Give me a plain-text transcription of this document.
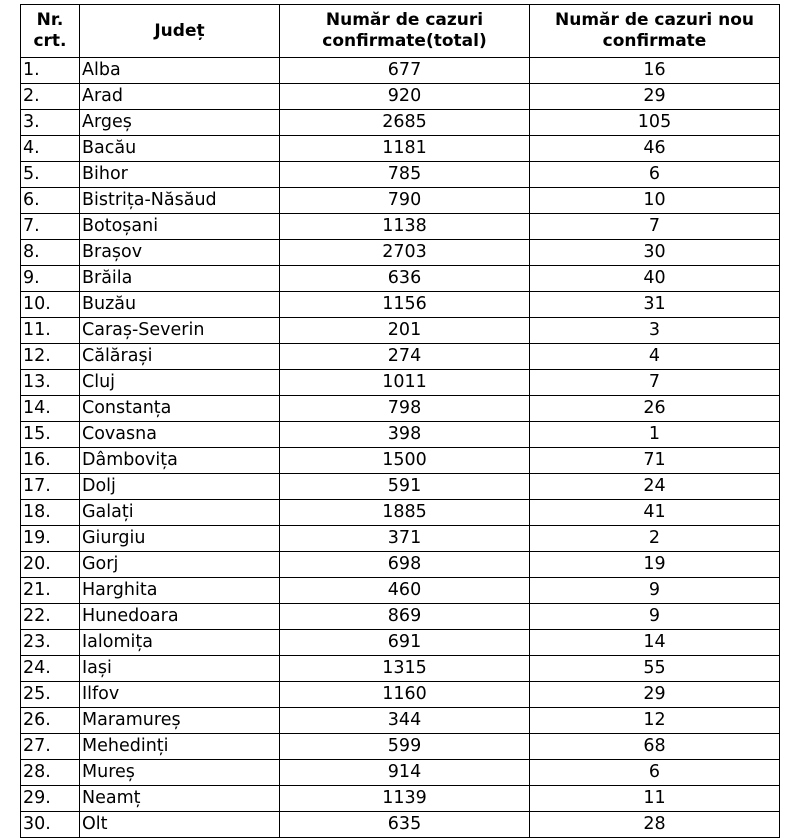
Nr. crt.	Județ	Număr de cazuri confirmate(total)	Număr de cazuri nou confirmate
1.	Alba	677	16
2.	Arad	920	29
3.	Argeș	2685	105
4.	Bacău	1181	46
5.	Bihor	785	6
6.	Bistrița-Năsăud	790	10
7.	Botoșani	1138	7
8.	Brașov	2703	30
9.	Brăila	636	40
10.	Buzău	1156	31
11.	Caraș-Severin	201	3
12.	Călărași	274	4
13.	Cluj	1011	7
14.	Constanța	798	26
15.	Covasna	398	1
16.	Dâmbovița	1500	71
17.	Dolj	591	24
18.	Galați	1885	41
19.	Giurgiu	371	2
20.	Gorj	698	19
21.	Harghita	460	9
22.	Hunedoara	869	9
23.	Ialomița	691	14
24.	Iași	1315	55
25.	Ilfov	1160	29
26.	Maramureș	344	12
27.	Mehedinți	599	68
28.	Mureș	914	6
29.	Neamț	1139	11
30.	Olt	635	28
